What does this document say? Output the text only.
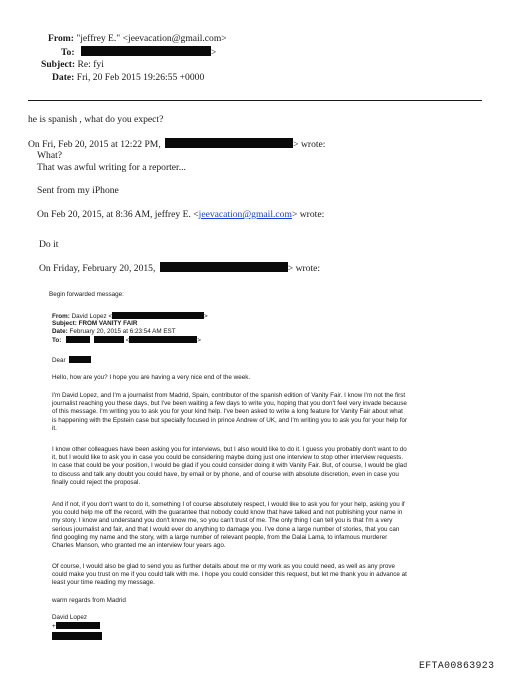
From: "jeffrey E." <jeevacation@gmail.com>
To:	>
Subject: Re: fyi
Date: Fri, 20 Feb 2015 19:26:55 +0000
he is spanish , what do you expect?
On Fri, Feb 20, 2015 at 12:22 PM,	> wrote:
What?
That was awful writing for a reporter...
Sent from my iPhone
On Feb 20, 2015, at 8:36 AM, jeffrey E. <jeevacation@gmail.com> wrote:
Do it
On Friday, February 20, 2015,	> wrote:
Begin forwarded message:
From: David Lopez <	>
Subject: FROM VANITY FAIR
Date: February 20, 2015 at 6:23:54 AM EST
To:	<	>
Dear
Hello, how are you? I hope you are having a very nice end of the week.
I'm David Lopez, and I'm a journalist from Madrid, Spain, contributor of the spanish edition of Vanity Fair. I know I'm not the first
journalist reaching you these days, but I've been waiting a few days to write you, hoping that you don't feel very invade because
of this message. I'm writing you to ask you for your kind help. I've been asked to write a long feature for Vanity Fair about what
is happening with the Epstein case but specially focused in prince Andrew of UK, and I'm writing you to ask you for your help for
it.
I know other colleagues have been asking you for interviews, but I also would like to do it. I guess you probably don't want to do
it, but I would like to ask you in case you could be considering maybe doing just one interview to stop other interview requests.
In case that could be your position, I would be glad if you could consider doing it with Vanity Fair. But, of course, I would be glad
to discuss and talk any doubt you could have, by email or by phone, and of course with absolute discretion, even in case you
finally could reject the proposal.
And if not, if you don't want to do it, something I of course absolutely respect, I would like to ask you for your help, asking you if
you could help me off the record, with the guarantee that nobody could know that have talked and not publishing your name in
my story. I know and understand you don't know me, so you can't trust of me. The only thing I can tell you is that I'm a very
serious journalist and fair, and that I would ever do anything to damage you. I've done a large number of stories, that you can
find googling my name and the story, with a large number of relevant people, from the Dalai Lama, to infamous murderer
Charles Manson, who granted me an interview four years ago.
Of course, I would also be glad to send you as further details about me or my work as you could need, as well as any prove
could make you trust on me if you could talk with me. I hope you could consider this request, but let me thank you in advance at
least your time reading my message.
warm regards from Madrid
David Lopez
+
EFTA00863923
